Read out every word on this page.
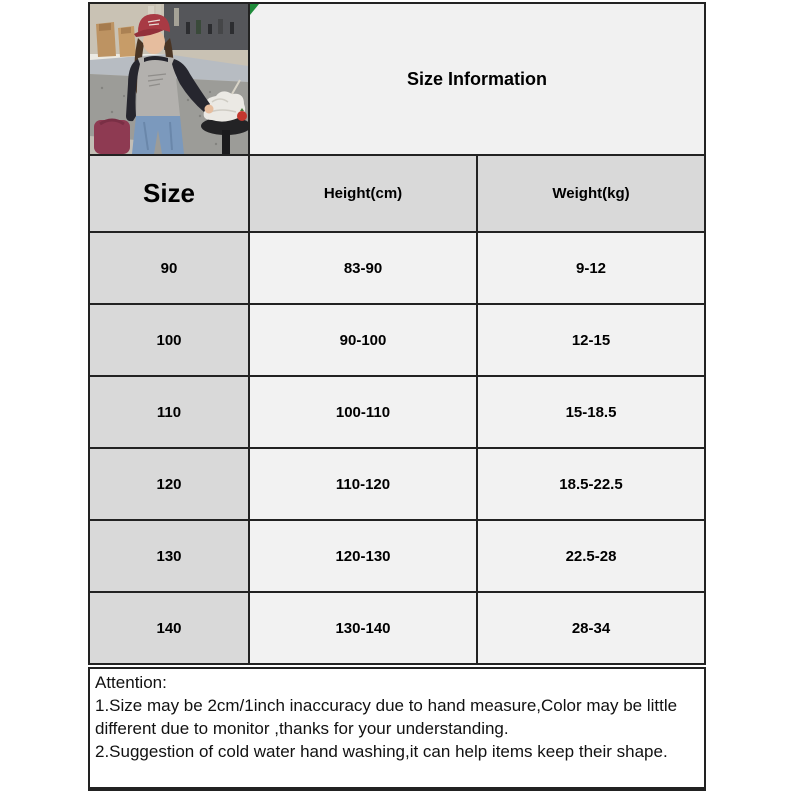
Size Information
Size	Height(cm)	Weight(kg)
90	83-90	9-12
100	90-100	12-15
110	100-110	15-18.5
120	110-120	18.5-22.5
130	120-130	22.5-28
140	130-140	28-34

Attention:

1.Size may be 2cm/1inch inaccuracy due to hand measure,Color may be little different due to monitor ,thanks for your understanding.

2.Suggestion of cold water hand washing,it can help items keep their shape.
